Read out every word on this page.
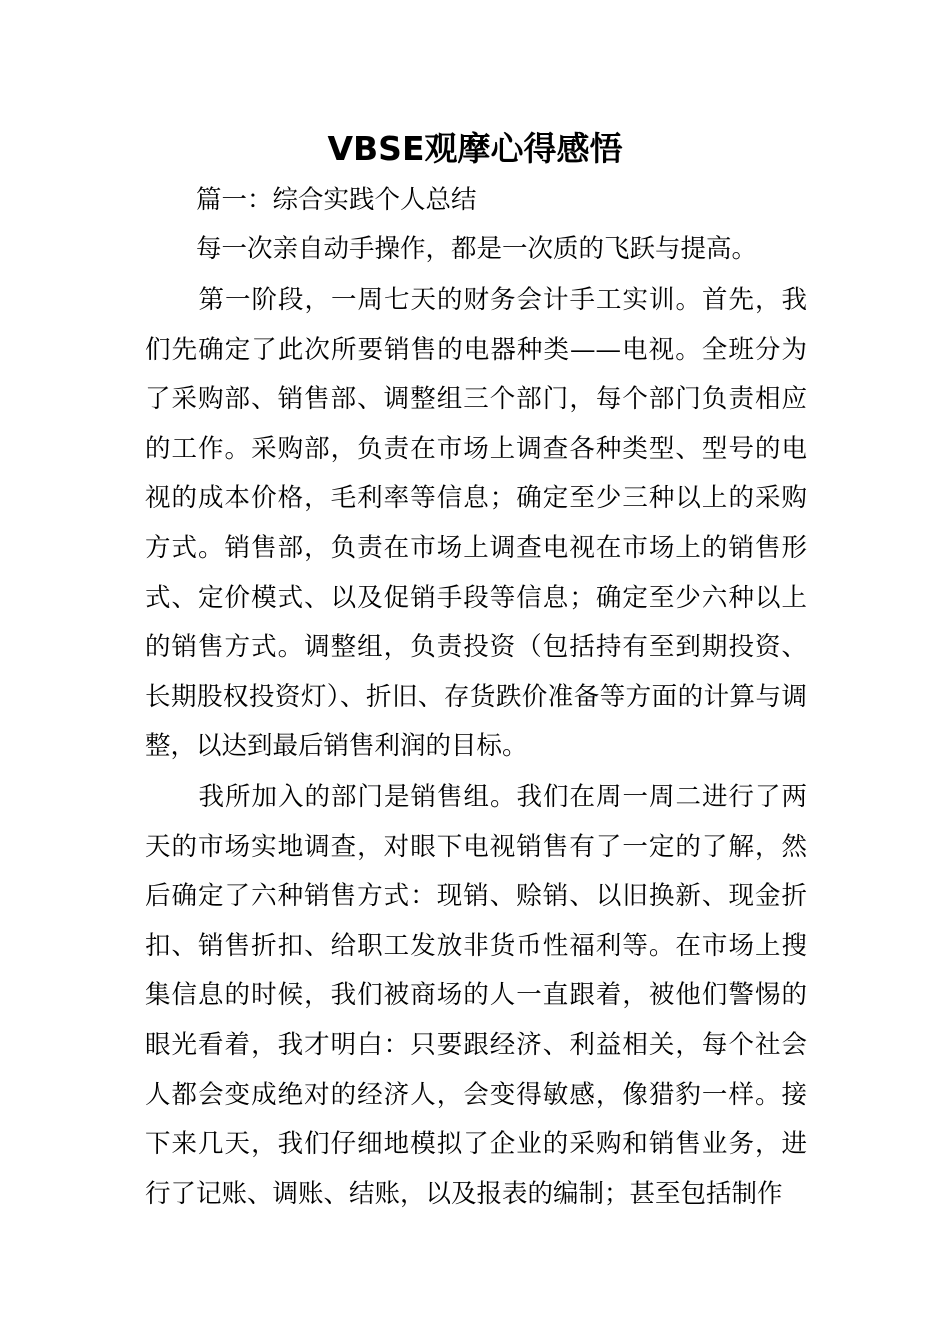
VBSE观摩心得感悟

篇一：综合实践个人总结

每一次亲自动手操作，都是一次质的飞跃与提高。

第一阶段，一周七天的财务会计手工实训。首先，我们先确定了此次所要销售的电器种类——电视。全班分为了采购部、销售部、调整组三个部门，每个部门负责相应的工作。采购部，负责在市场上调查各种类型、型号的电视的成本价格，毛利率等信息；确定至少三种以上的采购方式。销售部，负责在市场上调查电视在市场上的销售形式、定价模式、以及促销手段等信息；确定至少六种以上的销售方式。调整组，负责投资（包括持有至到期投资、长期股权投资灯）、折旧、存货跌价准备等方面的计算与调整，以达到最后销售利润的目标。

我所加入的部门是销售组。我们在周一周二进行了两天的市场实地调查，对眼下电视销售有了一定的了解，然后确定了六种销售方式：现销、赊销、以旧换新、现金折扣、销售折扣、给职工发放非货币性福利等。在市场上搜集信息的时候，我们被商场的人一直跟着，被他们警惕的眼光看着，我才明白：只要跟经济、利益相关，每个社会人都会变成绝对的经济人，会变得敏感，像猎豹一样。接下来几天，我们仔细地模拟了企业的采购和销售业务，进行了记账、调账、结账，以及报表的编制；甚至包括制作
